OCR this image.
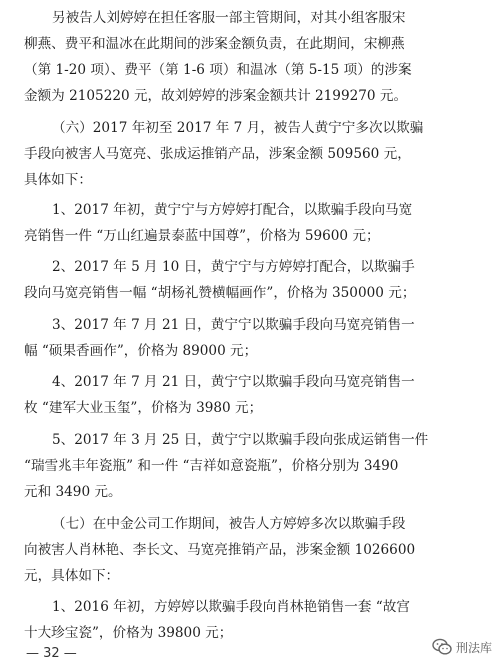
另被告人刘婷婷在担任客服一部主管期间，对其小组客服宋
柳燕、费平和温冰在此期间的涉案金额负责，在此期间，宋柳燕
（第 1-20 项）、费平（第 1-6 项）和温冰（第 5-15 项）的涉案
金额为 2105220 元，故刘婷婷的涉案金额共计 2199270 元。
（六）2017 年初至 2017 年 7 月，被告人黄宁宁多次以欺骗
手段向被害人马宽亮、张成运推销产品，涉案金额 509560 元，
具体如下：
1、2017 年初，黄宁宁与方婷婷打配合，以欺骗手段向马宽
亮销售一件 “万山红遍景泰蓝中国尊”，价格为 59600 元；
2、2017 年 5 月 10 日，黄宁宁与方婷婷打配合，以欺骗手
段向马宽亮销售一幅 “胡杨礼赞横幅画作”，价格为 350000 元；
3、2017 年 7 月 21 日，黄宁宁以欺骗手段向马宽亮销售一
幅 “硕果香画作”，价格为 89000 元；
4、2017 年 7 月 21 日，黄宁宁以欺骗手段向马宽亮销售一
枚 “建军大业玉玺”，价格为 3980 元；
5、2017 年 3 月 25 日，黄宁宁以欺骗手段向张成运销售一件
“瑞雪兆丰年瓷瓶” 和一件 “吉祥如意瓷瓶”，价格分别为 3490
元和 3490 元。
（七）在中金公司工作期间，被告人方婷婷多次以欺骗手段
向被害人肖林艳、李长文、马宽亮推销产品，涉案金额 1026600
元，具体如下：
1、2016 年初，方婷婷以欺骗手段向肖林艳销售一套 “故宫
十大珍宝瓷”，价格为 39800 元；
— 32 —	刑法库
